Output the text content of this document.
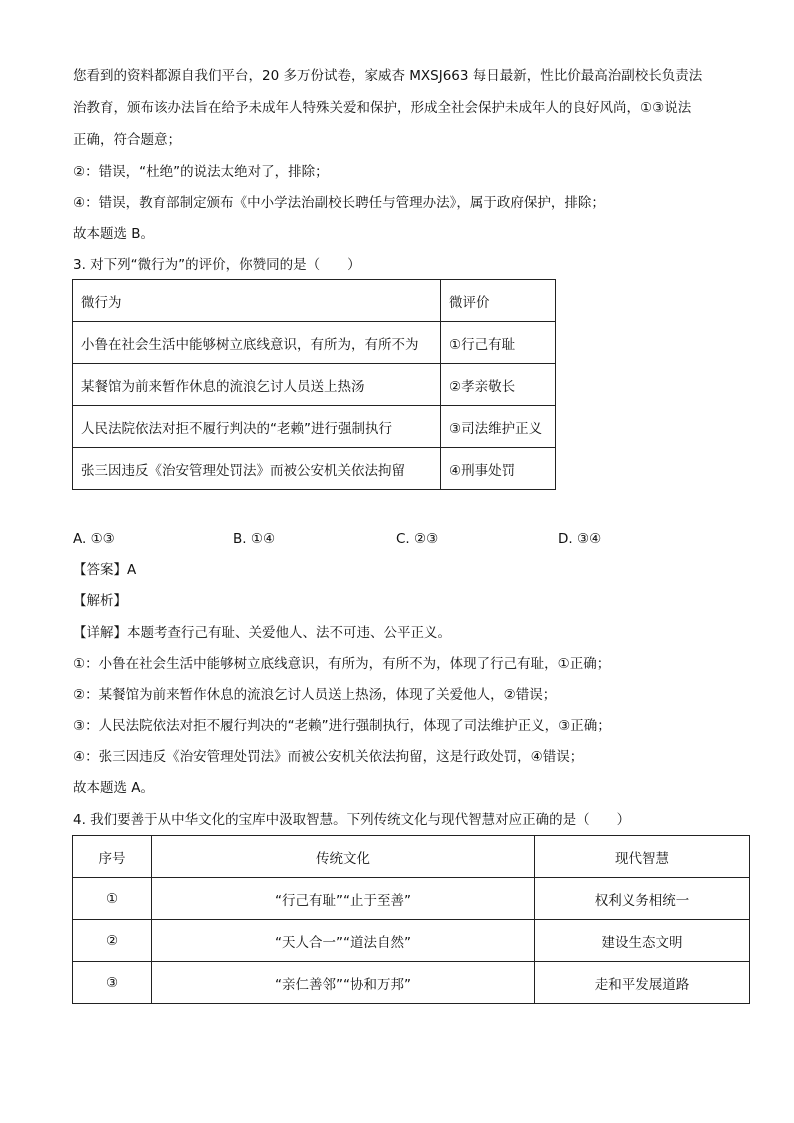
您看到的资料都源自我们平台，20 多万份试卷，家威杏 MXSJ663 每日最新，性比价最高治副校长负责法
治教育，颁布该办法旨在给予未成年人特殊关爱和保护，形成全社会保护未成年人的良好风尚，①③说法
正确，符合题意；
②：错误，“杜绝”的说法太绝对了，排除；
④：错误，教育部制定颁布《中小学法治副校长聘任与管理办法》，属于政府保护，排除；
故本题选 B。
3. 对下列“微行为”的评价，你赞同的是（　　）
微行为	微评价
小鲁在社会生活中能够树立底线意识，有所为，有所不为	①行己有耻
某餐馆为前来暂作休息的流浪乞讨人员送上热汤	②孝亲敬长
人民法院依法对拒不履行判决的“老赖”进行强制执行	③司法维护正义
张三因违反《治安管理处罚法》而被公安机关依法拘留	④刑事处罚
A. ①③	B. ①④	C. ②③	D. ③④
【答案】A
【解析】
【详解】本题考查行己有耻、关爱他人、法不可违、公平正义。
①：小鲁在社会生活中能够树立底线意识，有所为，有所不为，体现了行己有耻，①正确；
②：某餐馆为前来暂作休息的流浪乞讨人员送上热汤，体现了关爱他人，②错误；
③：人民法院依法对拒不履行判决的“老赖”进行强制执行，体现了司法维护正义，③正确；
④：张三因违反《治安管理处罚法》而被公安机关依法拘留，这是行政处罚，④错误；
故本题选 A。
4. 我们要善于从中华文化的宝库中汲取智慧。下列传统文化与现代智慧对应正确的是（　　）
序号	传统文化	现代智慧
①	“行己有耻”“止于至善”	权利义务相统一
②	“天人合一”“道法自然”	建设生态文明
③	“亲仁善邻”“协和万邦”	走和平发展道路
